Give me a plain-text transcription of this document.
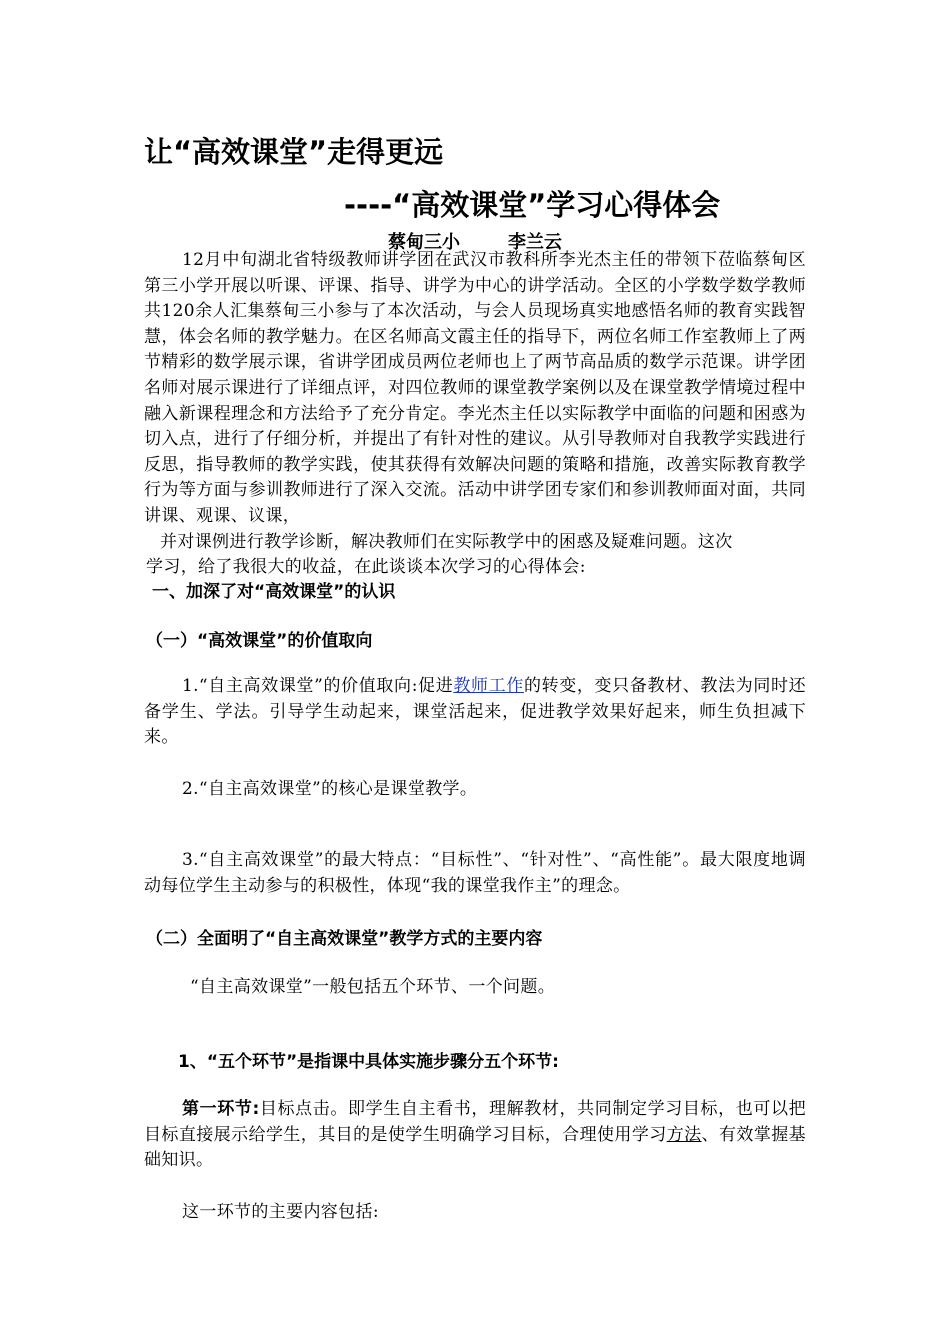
让“高效课堂”走得更远
----“高效课堂”学习心得体会
蔡甸三小	李兰云
12月中旬湖北省特级教师讲学团在武汉市教科所李光杰主任的带领下莅临蔡甸区第三小学开展以听课、评课、指导、讲学为中心的讲学活动。全区的小学数学数学教师共120余人汇集蔡甸三小参与了本次活动，与会人员现场真实地感悟名师的教育实践智慧，体会名师的教学魅力。在区名师高文霞主任的指导下，两位名师工作室教师上了两节精彩的数学展示课，省讲学团成员两位老师也上了两节高品质的数学示范课。讲学团名师对展示课进行了详细点评，对四位教师的课堂教学案例以及在课堂教学情境过程中融入新课程理念和方法给予了充分肯定。李光杰主任以实际教学中面临的问题和困惑为切入点，进行了仔细分析，并提出了有针对性的建议。从引导教师对自我教学实践进行反思，指导教师的教学实践，使其获得有效解决问题的策略和措施，改善实际教育教学行为等方面与参训教师进行了深入交流。活动中讲学团专家们和参训教师面对面，共同讲课、观课、议课，
并对课例进行教学诊断，解决教师们在实际教学中的困惑及疑难问题。这次
学习，给了我很大的收益，在此谈谈本次学习的心得体会:
一、加深了对“高效课堂”的认识
（一）“高效课堂”的价值取向
1.“自主高效课堂”的价值取向:促进教师工作的转变，变只备教材、教法为同时还备学生、学法。引导学生动起来，课堂活起来，促进教学效果好起来，师生负担减下来。
2.“自主高效课堂”的核心是课堂教学。
3.“自主高效课堂”的最大特点：“目标性”、“针对性”、“高性能”。最大限度地调动每位学生主动参与的积极性，体现“我的课堂我作主”的理念。
（二）全面明了“自主高效课堂”教学方式的主要内容
“自主高效课堂”一般包括五个环节、一个问题。
1、“五个环节”是指课中具体实施步骤分五个环节:
第一环节:目标点击。即学生自主看书，理解教材，共同制定学习目标，也可以把目标直接展示给学生，其目的是使学生明确学习目标，合理使用学习方法、有效掌握基础知识。
这一环节的主要内容包括:
